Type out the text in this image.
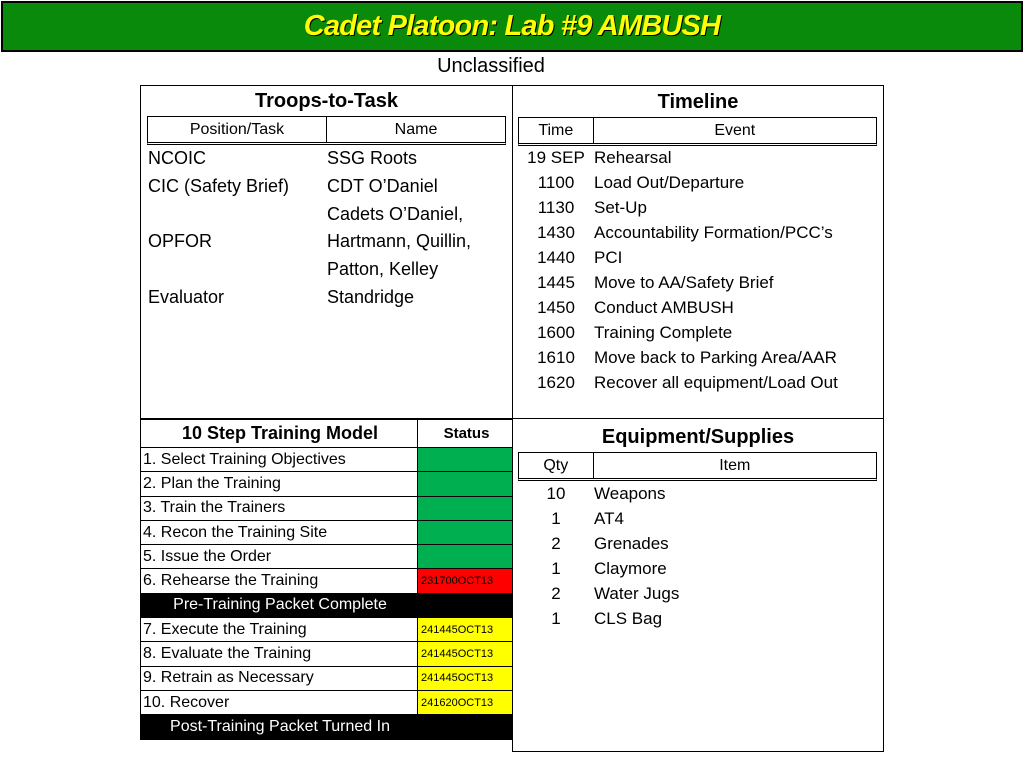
Cadet Platoon: Lab #9 AMBUSH
Unclassified
Troops-to-Task
Position/Task	Name
NCOIC	SSG Roots
CIC (Safety Brief) CDT O’Daniel
Cadets O’Daniel,
OPFOR	Hartmann, Quillin,
Patton, Kelley
Evaluator	Standridge
Timeline
Time	Event
19 SEP Rehearsal
1100	Load Out/Departure
1130	Set-Up
1430	Accountability Formation/PCC’s
1440	PCI
1445	Move to AA/Safety Brief
1450	Conduct AMBUSH
1600	Training Complete
1610	Move back to Parking Area/AAR
1620	Recover all equipment/Load Out
10 Step Training Model	Status
1. Select Training Objectives	
2. Plan the Training	
3. Train the Trainers	
4. Recon the Training Site	
5. Issue the Order	
6. Rehearse the Training	231700OCT13
Pre-Training Packet Complete	
7. Execute the Training	241445OCT13
8. Evaluate the Training	241445OCT13
9. Retrain as Necessary	241445OCT13
10. Recover	241620OCT13
Post-Training Packet Turned In	
Equipment/Supplies
Qty	Item
10	Weapons
1	AT4
2	Grenades
1	Claymore
2	Water Jugs
1	CLS Bag
